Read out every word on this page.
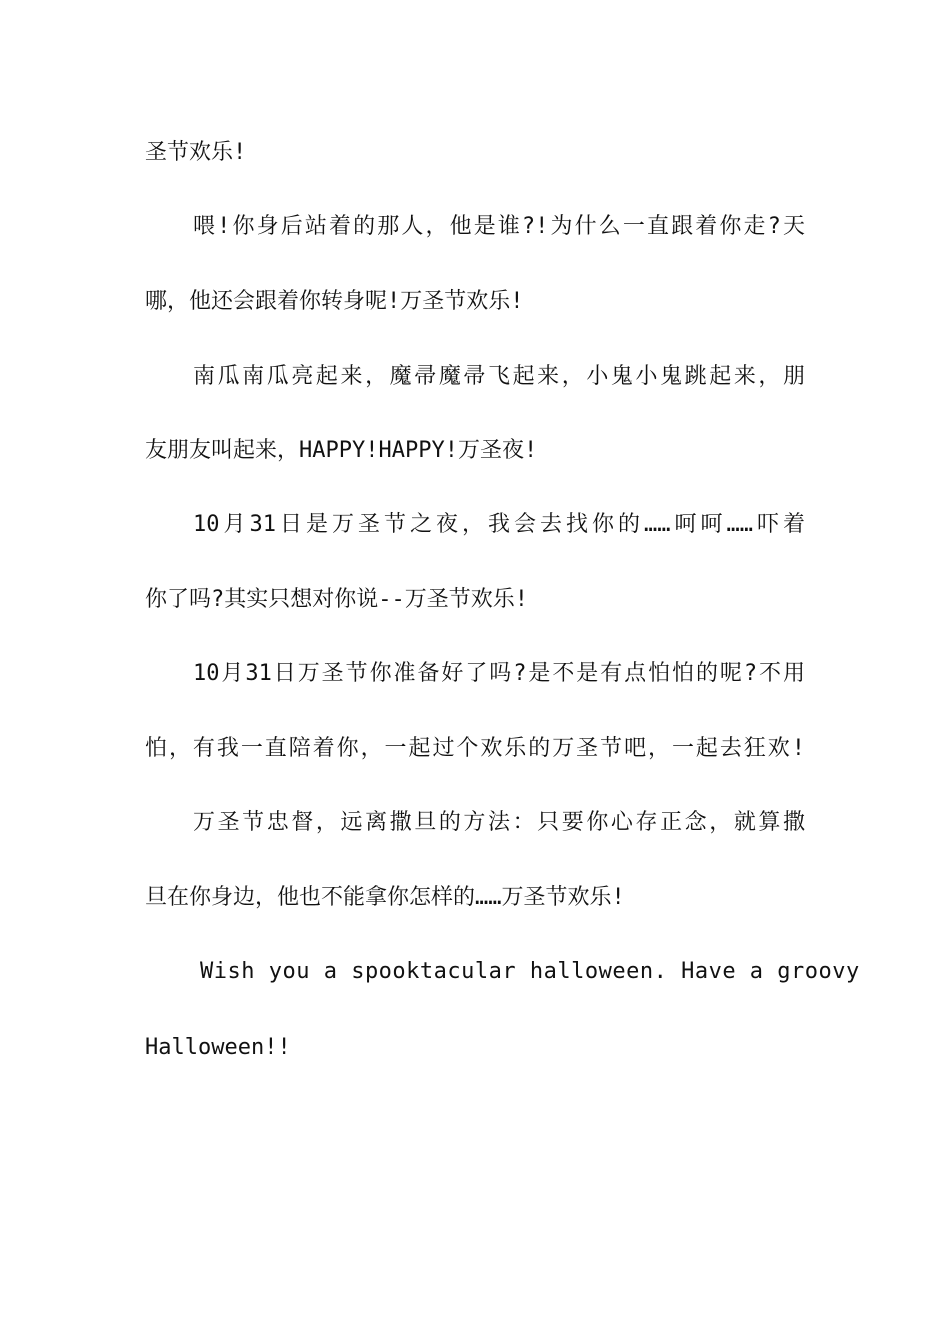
圣节欢乐!
喂!你身后站着的那人，他是谁?!为什么一直跟着你走?天
哪，他还会跟着你转身呢!万圣节欢乐!
南瓜南瓜亮起来，魔帚魔帚飞起来，小鬼小鬼跳起来，朋
友朋友叫起来，HAPPY!HAPPY!万圣夜!
10月31日是万圣节之夜，我会去找你的……呵呵……吓着
你了吗?其实只想对你说--万圣节欢乐!
10月31日万圣节你准备好了吗?是不是有点怕怕的呢?不用
怕，有我一直陪着你，一起过个欢乐的万圣节吧，一起去狂欢!
万圣节忠督，远离撒旦的方法：只要你心存正念，就算撒
旦在你身边，他也不能拿你怎样的……万圣节欢乐!
Wish you a spooktacular halloween. Have a groovy
Halloween!!
